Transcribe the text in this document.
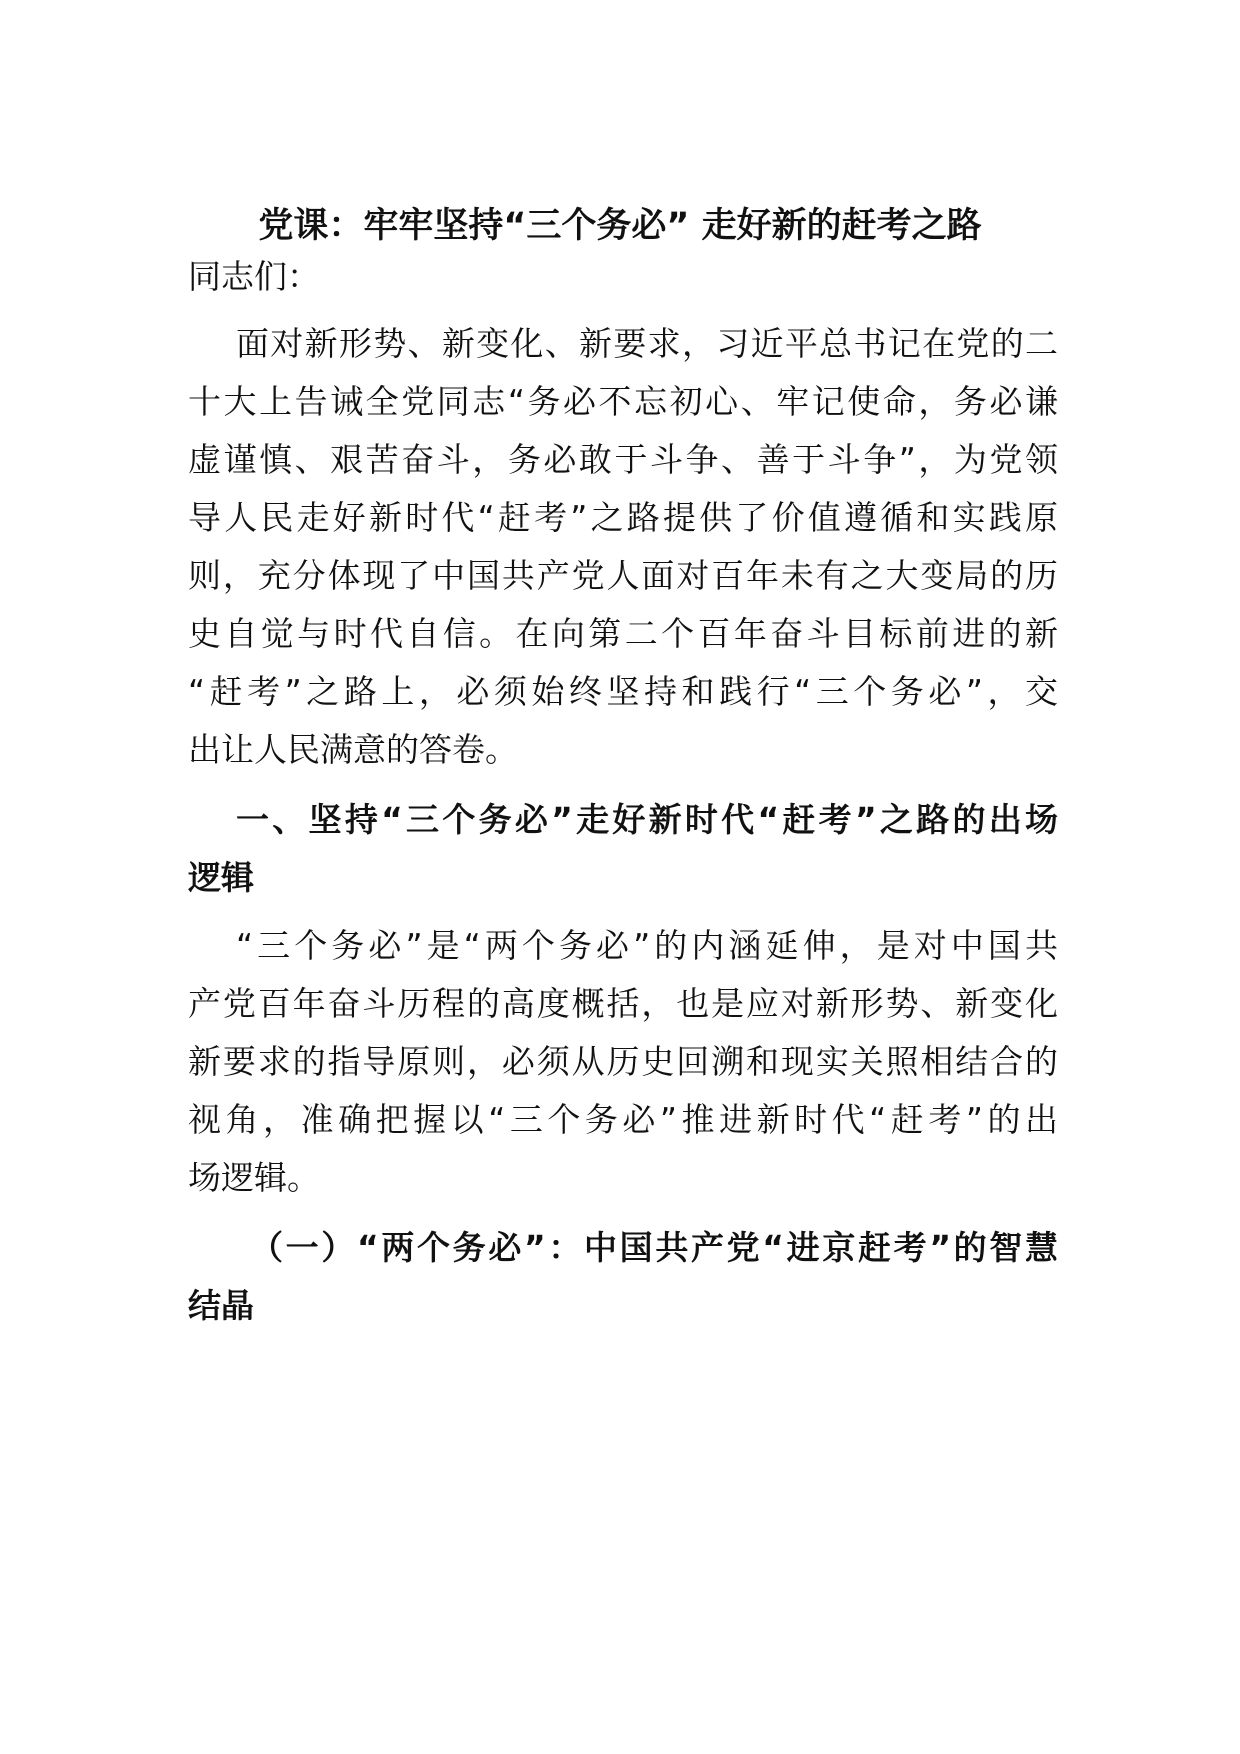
党课：牢牢坚持“三个务必” 走好新的赶考之路
同志们：
面对新形势、新变化、新要求，习近平总书记在党的二
十大上告诫全党同志“务必不忘初心、牢记使命，务必谦
虚谨慎、艰苦奋斗，务必敢于斗争、善于斗争”，为党领
导人民走好新时代“赶考”之路提供了价值遵循和实践原
则，充分体现了中国共产党人面对百年未有之大变局的历
史自觉与时代自信。在向第二个百年奋斗目标前进的新
“赶考”之路上，必须始终坚持和践行“三个务必”，交
出让人民满意的答卷。
一、坚持“三个务必”走好新时代“赶考”之路的出场
逻辑
“三个务必”是“两个务必”的内涵延伸，是对中国共
产党百年奋斗历程的高度概括，也是应对新形势、新变化
新要求的指导原则，必须从历史回溯和现实关照相结合的
视角，准确把握以“三个务必”推进新时代“赶考”的出
场逻辑。
（一）“两个务必”：中国共产党“进京赶考”的智慧
结晶
